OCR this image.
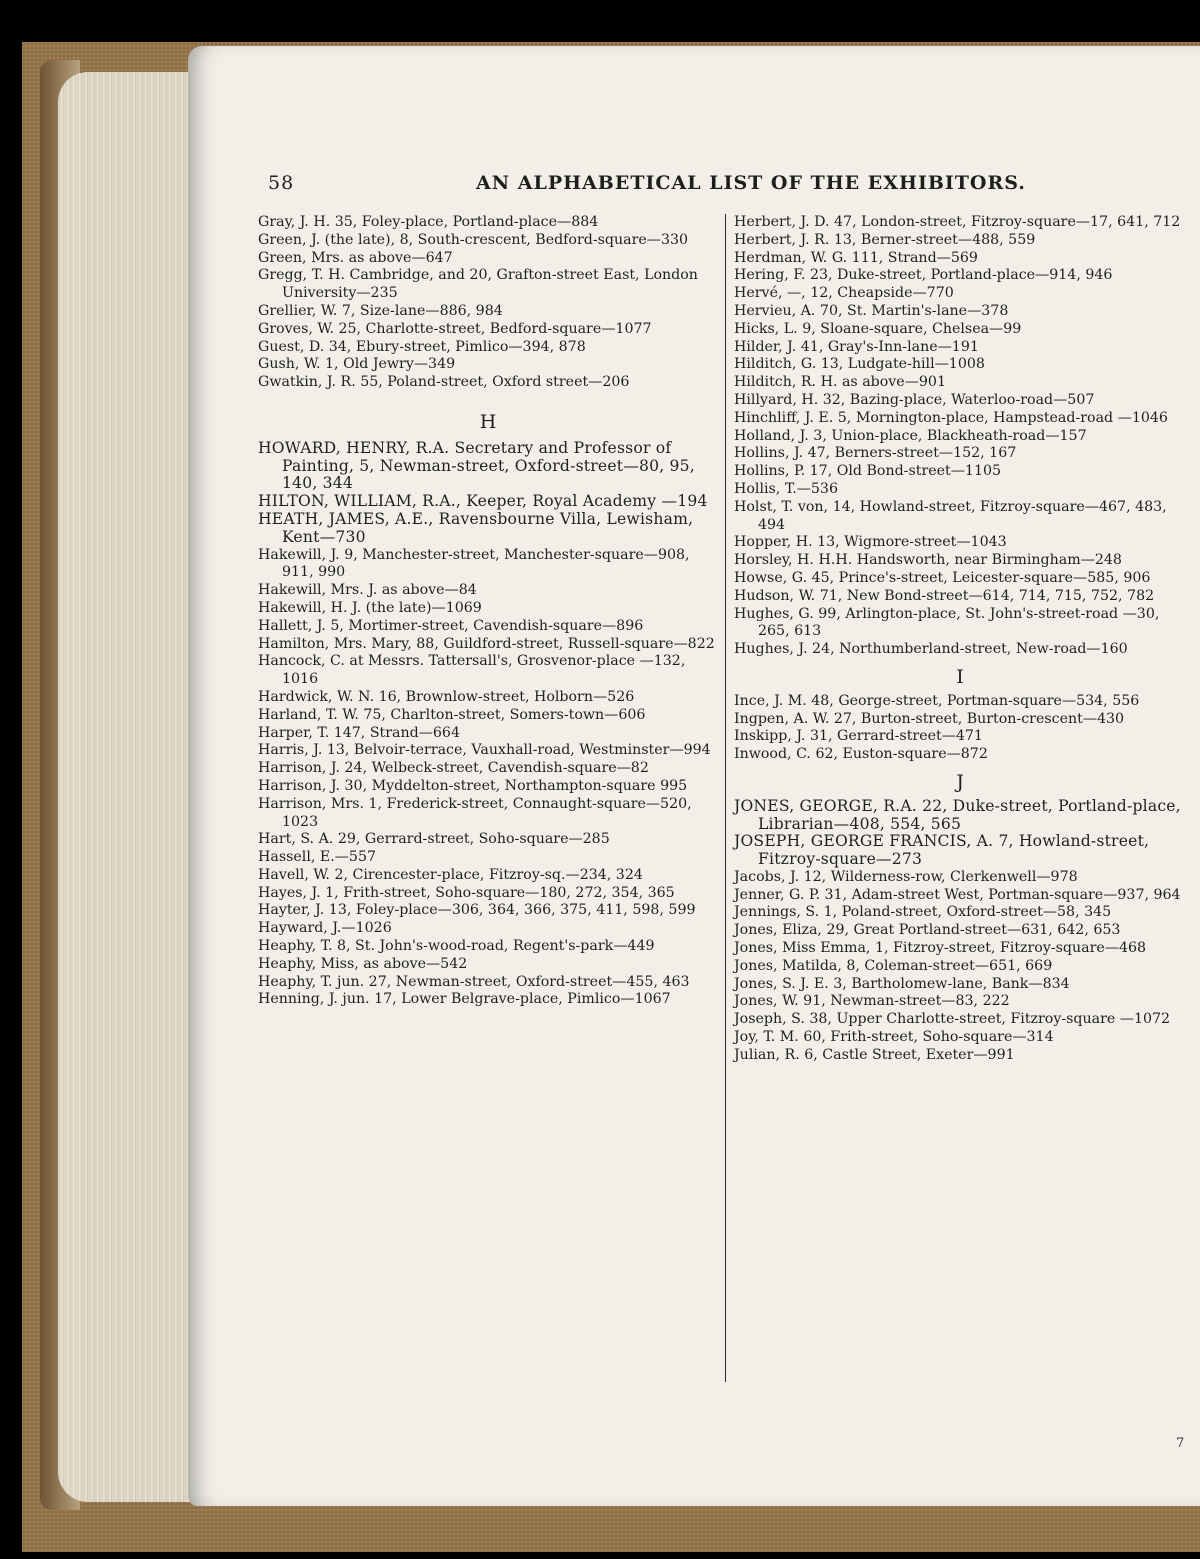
58	AN ALPHABETICAL LIST OF THE EXHIBITORS.

Gray, J. H. 35, Foley-place, Portland-place—884

Green, J. (the late), 8, South-crescent, Bedford-square—330

Green, Mrs. as above—647

Gregg, T. H. Cambridge, and 20, Grafton-street East, London University—235

Grellier, W. 7, Size-lane—886, 984

Groves, W. 25, Charlotte-street, Bedford-square—1077

Guest, D. 34, Ebury-street, Pimlico—394, 878

Gush, W. 1, Old Jewry—349

Gwatkin, J. R. 55, Poland-street, Oxford street—206

H

HOWARD, HENRY, R.A. Secretary and Professor of Painting, 5, Newman-street, Oxford-street—80, 95, 140, 344

HILTON, WILLIAM, R.A., Keeper, Royal Academy —194

HEATH, JAMES, A.E., Ravensbourne Villa, Lewisham, Kent—730

Hakewill, J. 9, Manchester-street, Manchester-square—908, 911, 990

Hakewill, Mrs. J. as above—84

Hakewill, H. J. (the late)—1069

Hallett, J. 5, Mortimer-street, Cavendish-square—896

Hamilton, Mrs. Mary, 88, Guildford-street, Russell-square—822

Hancock, C. at Messrs. Tattersall's, Grosvenor-place —132, 1016

Hardwick, W. N. 16, Brownlow-street, Holborn—526

Harland, T. W. 75, Charlton-street, Somers-town—606

Harper, T. 147, Strand—664

Harris, J. 13, Belvoir-terrace, Vauxhall-road, Westminster—994

Harrison, J. 24, Welbeck-street, Cavendish-square—82

Harrison, J. 30, Myddelton-street, Northampton-square 995

Harrison, Mrs. 1, Frederick-street, Connaught-square—520, 1023

Hart, S. A. 29, Gerrard-street, Soho-square—285

Hassell, E.—557

Havell, W. 2, Cirencester-place, Fitzroy-sq.—234, 324

Hayes, J. 1, Frith-street, Soho-square—180, 272, 354, 365

Hayter, J. 13, Foley-place—306, 364, 366, 375, 411, 598, 599

Hayward, J.—1026

Heaphy, T. 8, St. John's-wood-road, Regent's-park—449

Heaphy, Miss, as above—542

Heaphy, T. jun. 27, Newman-street, Oxford-street—455, 463

Henning, J. jun. 17, Lower Belgrave-place, Pimlico—1067

Herbert, J. D. 47, London-street, Fitzroy-square—17, 641, 712

Herbert, J. R. 13, Berner-street—488, 559

Herdman, W. G. 111, Strand—569

Hering, F. 23, Duke-street, Portland-place—914, 946

Hervé, —, 12, Cheapside—770

Hervieu, A. 70, St. Martin's-lane—378

Hicks, L. 9, Sloane-square, Chelsea—99

Hilder, J. 41, Gray's-Inn-lane—191

Hilditch, G. 13, Ludgate-hill—1008

Hilditch, R. H. as above—901

Hillyard, H. 32, Bazing-place, Waterloo-road—507

Hinchliff, J. E. 5, Mornington-place, Hampstead-road —1046

Holland, J. 3, Union-place, Blackheath-road—157

Hollins, J. 47, Berners-street—152, 167

Hollins, P. 17, Old Bond-street—1105

Hollis, T.—536

Holst, T. von, 14, Howland-street, Fitzroy-square—467, 483, 494

Hopper, H. 13, Wigmore-street—1043

Horsley, H. H.H. Handsworth, near Birmingham—248

Howse, G. 45, Prince's-street, Leicester-square—585, 906

Hudson, W. 71, New Bond-street—614, 714, 715, 752, 782

Hughes, G. 99, Arlington-place, St. John's-street-road —30, 265, 613

Hughes, J. 24, Northumberland-street, New-road—160

I

Ince, J. M. 48, George-street, Portman-square—534, 556

Ingpen, A. W. 27, Burton-street, Burton-crescent—430

Inskipp, J. 31, Gerrard-street—471

Inwood, C. 62, Euston-square—872

J

JONES, GEORGE, R.A. 22, Duke-street, Portland-place, Librarian—408, 554, 565

JOSEPH, GEORGE FRANCIS, A. 7, Howland-street, Fitzroy-square—273

Jacobs, J. 12, Wilderness-row, Clerkenwell—978

Jenner, G. P. 31, Adam-street West, Portman-square—937, 964

Jennings, S. 1, Poland-street, Oxford-street—58, 345

Jones, Eliza, 29, Great Portland-street—631, 642, 653

Jones, Miss Emma, 1, Fitzroy-street, Fitzroy-square—468

Jones, Matilda, 8, Coleman-street—651, 669

Jones, S. J. E. 3, Bartholomew-lane, Bank—834

Jones, W. 91, Newman-street—83, 222

Joseph, S. 38, Upper Charlotte-street, Fitzroy-square —1072

Joy, T. M. 60, Frith-street, Soho-square—314

Julian, R. 6, Castle Street, Exeter—991

7
